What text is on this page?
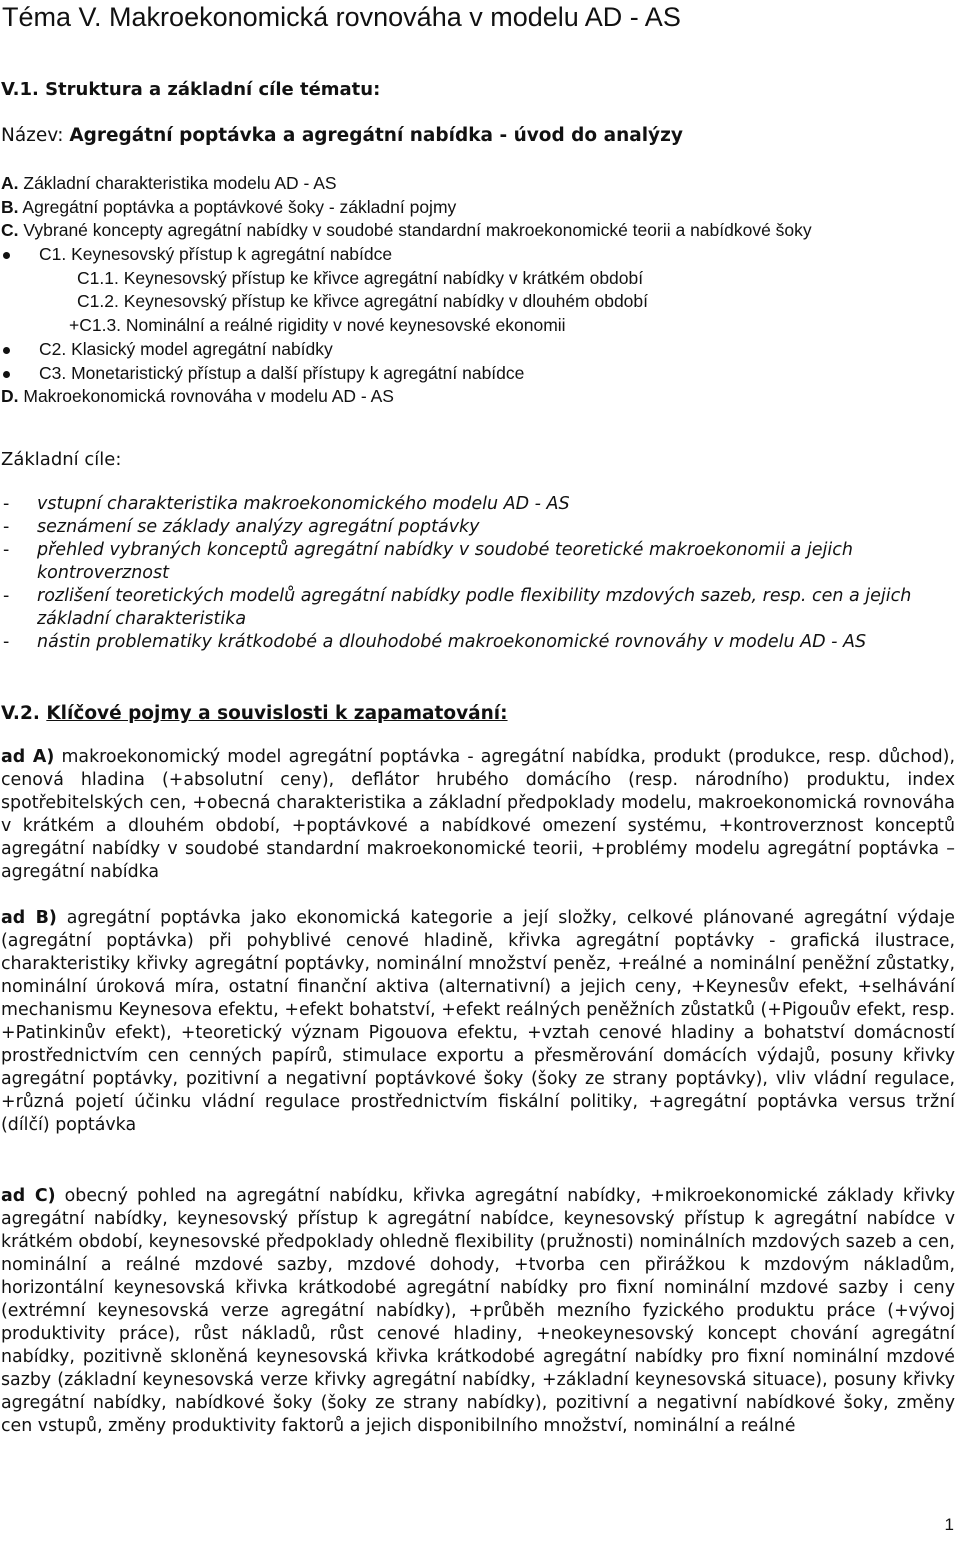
Téma V. Makroekonomická rovnováha v modelu AD - AS
V.1. Struktura a základní cíle tématu:
Název: Agregátní poptávka a agregátní nabídka - úvod do analýzy
A. Základní charakteristika modelu AD - AS
B. Agregátní poptávka a poptávkové šoky - základní pojmy
C. Vybrané koncepty agregátní nabídky v soudobé standardní makroekonomické teorii a nabídkové šoky
C1. Keynesovský přístup k agregátní nabídce
C1.1. Keynesovský přístup ke křivce agregátní nabídky v krátkém období
C1.2. Keynesovský přístup ke křivce agregátní nabídky v dlouhém období
+C1.3. Nominální a reálné rigidity v nové keynesovské ekonomii
C2. Klasický model agregátní nabídky
C3. Monetaristický přístup a další přístupy k agregátní nabídce
D. Makroekonomická rovnováha v modelu AD - AS
Základní cíle:
- vstupní charakteristika makroekonomického modelu AD - AS
- seznámení se základy analýzy agregátní poptávky
- přehled vybraných konceptů agregátní nabídky v soudobé teoretické makroekonomii a jejich kontroverznost
- rozlišení teoretických modelů agregátní nabídky podle flexibility mzdových sazeb, resp. cen a jejich základní charakteristika
- nástin problematiky krátkodobé a dlouhodobé makroekonomické rovnováhy v modelu AD - AS
V.2. Klíčové pojmy a souvislosti k zapamatování:
ad A) makroekonomický model agregátní poptávka - agregátní nabídka, produkt (produkce, resp. důchod), cenová hladina (+absolutní ceny), deflátor hrubého domácího (resp. národního) produktu, index spotřebitelských cen, +obecná charakteristika a základní předpoklady modelu, makroekonomická rovnováha v krátkém a dlouhém období, +poptávkové a nabídkové omezení systému, +kontroverznost konceptů agregátní nabídky v soudobé standardní makroekonomické teorii, +problémy modelu agregátní poptávka – agregátní nabídka
ad B) agregátní poptávka jako ekonomická kategorie a její složky, celkové plánované agregátní výdaje (agregátní poptávka) při pohyblivé cenové hladině, křivka agregátní poptávky - grafická ilustrace, charakteristiky křivky agregátní poptávky, nominální množství peněz, +reálné a nominální peněžní zůstatky, nominální úroková míra, ostatní finanční aktiva (alternativní) a jejich ceny, +Keynesův efekt, +selhávání mechanismu Keynesova efektu, +efekt bohatství, +efekt reálných peněžních zůstatků (+Pigouův efekt, resp. +Patinkinův efekt), +teoretický význam Pigouova efektu, +vztah cenové hladiny a bohatství domácností prostřednictvím cen cenných papírů, stimulace exportu a přesměrování domácích výdajů, posuny křivky agregátní poptávky, pozitivní a negativní poptávkové šoky (šoky ze strany poptávky), vliv vládní regulace, +různá pojetí účinku vládní regulace prostřednictvím fiskální politiky, +agregátní poptávka versus tržní (dílčí) poptávka
ad C) obecný pohled na agregátní nabídku, křivka agregátní nabídky, +mikroekonomické základy křivky agregátní nabídky, keynesovský přístup k agregátní nabídce, keynesovský přístup k agregátní nabídce v krátkém období, keynesovské předpoklady ohledně flexibility (pružnosti) nominálních mzdových sazeb a cen, nominální a reálné mzdové sazby, mzdové dohody, +tvorba cen přirážkou k mzdovým nákladům, horizontální keynesovská křivka krátkodobé agregátní nabídky pro fixní nominální mzdové sazby i ceny (extrémní keynesovská verze agregátní nabídky), +průběh mezního fyzického produktu práce (+vývoj produktivity práce), růst nákladů, růst cenové hladiny, +neokeynesovský koncept chování agregátní nabídky, pozitivně skloněná keynesovská křivka krátkodobé agregátní nabídky pro fixní nominální mzdové sazby (základní keynesovská verze křivky agregátní nabídky, +základní keynesovská situace), posuny křivky agregátní nabídky, nabídkové šoky (šoky ze strany nabídky), pozitivní a negativní nabídkové šoky, změny cen vstupů, změny produktivity faktorů a jejich disponibilního množství, nominální a reálné
1
